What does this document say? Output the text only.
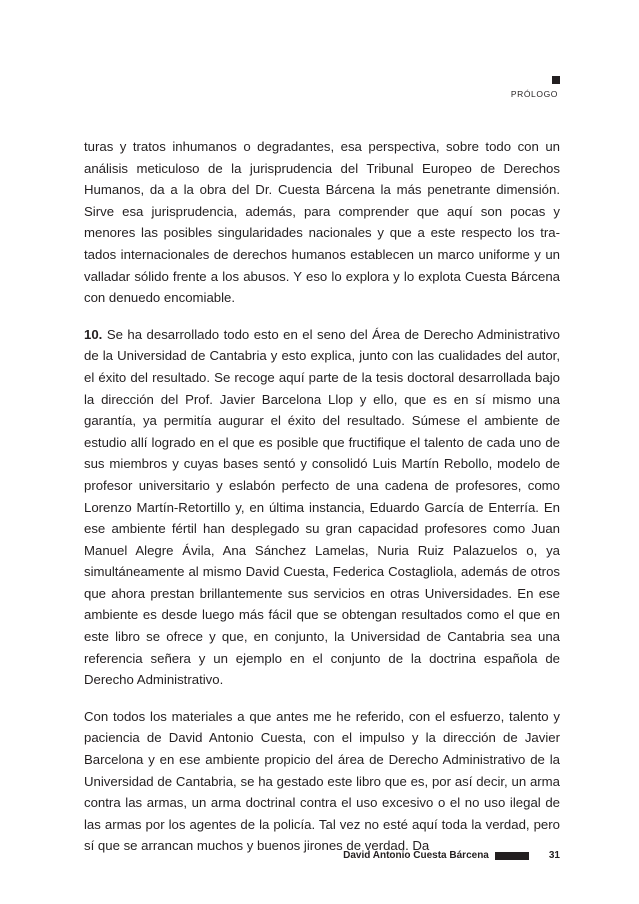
PRÓLOGO

turas y tratos inhumanos o degradantes, esa perspectiva, sobre todo con un análisis meticuloso de la jurisprudencia del Tribunal Europeo de Derechos Humanos, da a la obra del Dr. Cuesta Bárcena la más penetrante dimensión. Sirve esa jurisprudencia, además, para comprender que aquí son pocas y menores las posibles singularidades nacionales y que a este respecto los tratados internacionales de derechos humanos establecen un marco uniforme y un valladar sólido frente a los abusos. Y eso lo explora y lo explota Cuesta Bárcena con denuedo encomiable.

10. Se ha desarrollado todo esto en el seno del Área de Derecho Administrativo de la Universidad de Cantabria y esto explica, junto con las cualidades del autor, el éxito del resultado. Se recoge aquí parte de la tesis doctoral desarrollada bajo la dirección del Prof. Javier Barcelona Llop y ello, que es en sí mismo una garantía, ya permitía augurar el éxito del resultado. Súmese el ambiente de estudio allí logrado en el que es posible que fructifique el talento de cada uno de sus miembros y cuyas bases sentó y consolidó Luis Martín Rebollo, modelo de profesor universitario y eslabón perfecto de una cadena de profesores, como Lorenzo Martín-Retortillo y, en última instancia, Eduardo García de Enterría. En ese ambiente fértil han desplegado su gran capacidad profesores como Juan Manuel Alegre Ávila, Ana Sánchez Lamelas, Nuria Ruiz Palazuelos o, ya simultáneamente al mismo David Cuesta, Federica Costagliola, además de otros que ahora prestan brillantemente sus servicios en otras Universidades. En ese ambiente es desde luego más fácil que se obtengan resultados como el que en este libro se ofrece y que, en conjunto, la Universidad de Cantabria sea una referencia señera y un ejemplo en el conjunto de la doctrina española de Derecho Administrativo.

Con todos los materiales a que antes me he referido, con el esfuerzo, talento y paciencia de David Antonio Cuesta, con el impulso y la dirección de Javier Barcelona y en ese ambiente propicio del área de Derecho Administrativo de la Universidad de Cantabria, se ha gestado este libro que es, por así decir, un arma contra las armas, un arma doctrinal contra el uso excesivo o el no uso ilegal de las armas por los agentes de la policía. Tal vez no esté aquí toda la verdad, pero sí que se arrancan muchos y buenos jirones de verdad. Da

David Antonio Cuesta Bárcena	31
